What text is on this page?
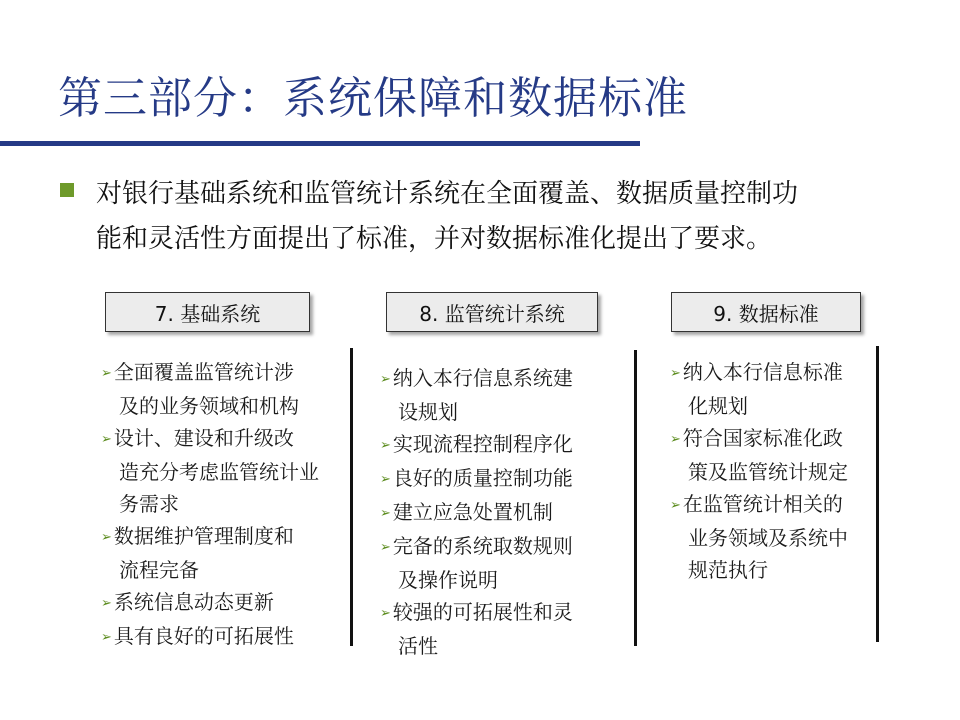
第三部分：系统保障和数据标准
对银行基础系统和监管统计系统在全面覆盖、数据质量控制功
能和灵活性方面提出了标准，并对数据标准化提出了要求。
7. 基础系统	8. 监管统计系统	9. 数据标准
➢ 全面覆盖监管统计涉
及的业务领域和机构
➢ 设计、建设和升级改
造充分考虑监管统计业
务需求
➢ 数据维护管理制度和
流程完备
➢ 系统信息动态更新
➢ 具有良好的可拓展性
➢ 纳入本行信息系统建
设规划
➢ 实现流程控制程序化
➢ 良好的质量控制功能
➢ 建立应急处置机制
➢ 完备的系统取数规则
及操作说明
➢ 较强的可拓展性和灵
活性
➢ 纳入本行信息标准
化规划
➢ 符合国家标准化政
策及监管统计规定
➢ 在监管统计相关的
业务领域及系统中
规范执行
